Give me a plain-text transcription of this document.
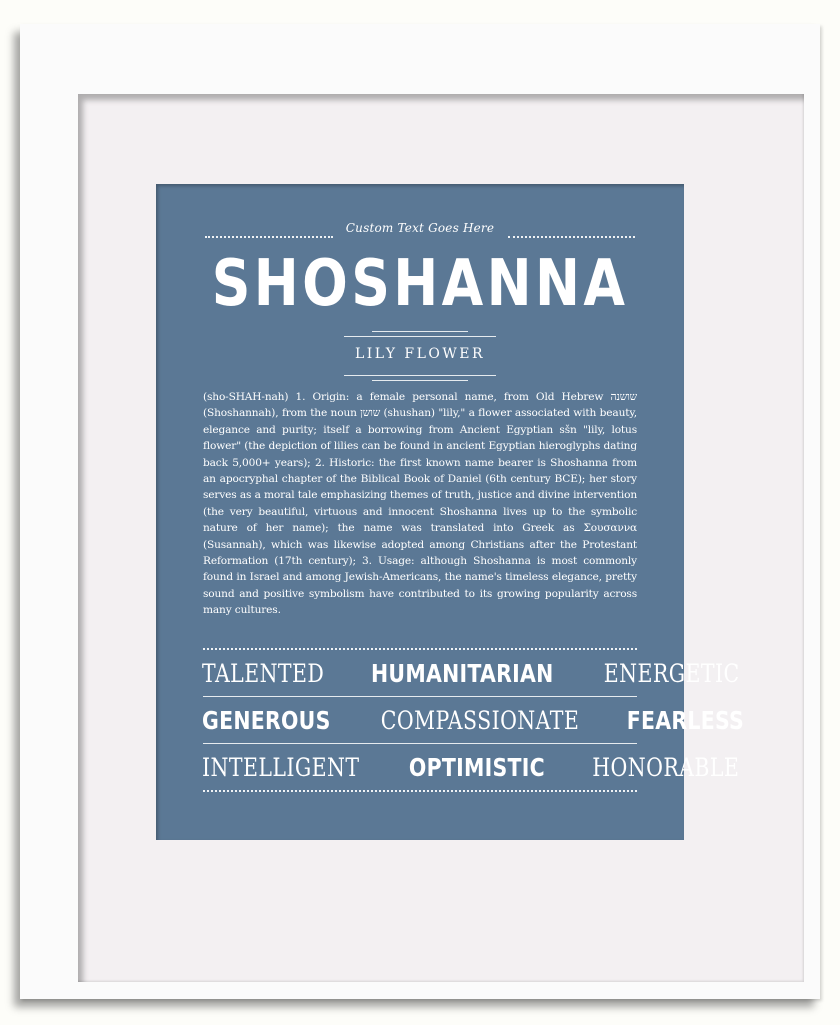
Custom Text Goes Here
SHOSHANNA
LILY FLOWER
(sho-SHAH-nah) 1. Origin: a female personal name, from Old Hebrew שושנה (Shoshannah), from the noun שושן (shushan) "lily," a flower associated with beauty, elegance and purity; itself a borrowing from Ancient Egyptian sšn "lily, lotus flower" (the depiction of lilies can be found in ancient Egyptian hieroglyphs dating back 5,000+ years); 2. Historic: the first known name bearer is Shoshanna from an apocryphal chapter of the Biblical Book of Daniel (6th century BCE); her story serves as a moral tale emphasizing themes of truth, justice and divine intervention (the very beautiful, virtuous and innocent Shoshanna lives up to the symbolic nature of her name); the name was translated into Greek as Σουσαννα (Susannah), which was likewise adopted among Christians after the Protestant Reformation (17th century); 3. Usage: although Shoshanna is most commonly found in Israel and among Jewish-Americans, the name's timeless elegance, pretty sound and positive symbolism have contributed to its growing popularity across many cultures.
TALENTED HUMANITARIAN ENERGETIC
GENEROUS COMPASSIONATE FEARLESS
INTELLIGENT OPTIMISTIC HONORABLE
